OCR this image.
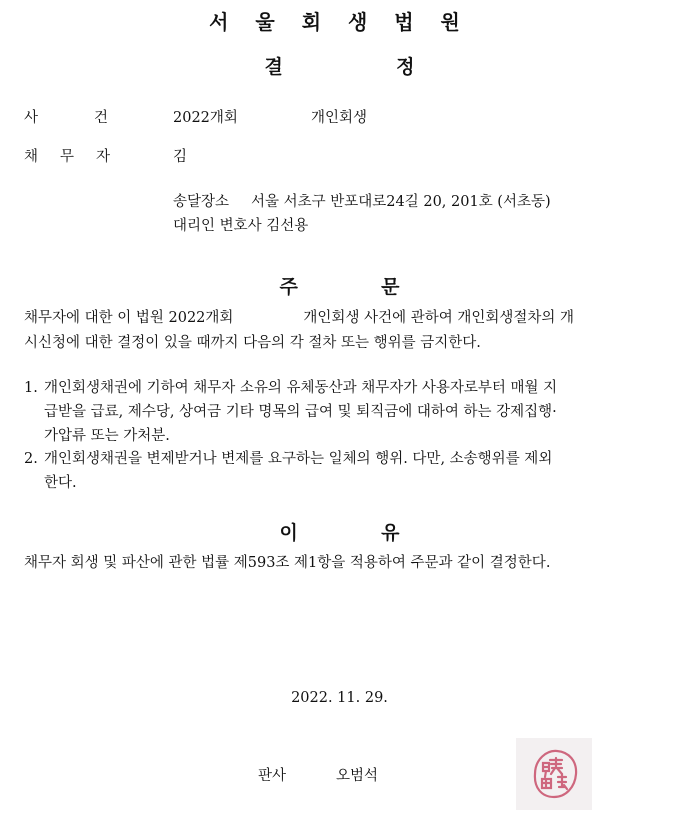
서 울 회 생 법 원
결	정
사	건	2022개회	개인회생
채 무 자	김
송달장소 서울 서초구 반포대로24길 20, 201호 (서초동)
대리인 변호사 김선용
주	문
채무자에 대한 이 법원 2022개회	개인회생 사건에 관하여 개인회생절차의 개
시신청에 대한 결정이 있을 때까지 다음의 각 절차 또는 행위를 금지한다.
1. 개인회생채권에 기하여 채무자 소유의 유체동산과 채무자가 사용자로부터 매월 지
급받을 급료, 제수당, 상여금 기타 명목의 급여 및 퇴직금에 대하여 하는 강제집행·
가압류 또는 가처분.
2. 개인회생채권을 변제받거나 변제를 요구하는 일체의 행위. 다만, 소송행위를 제외
한다.
이	유
채무자 회생 및 파산에 관한 법률 제593조 제1항을 적용하여 주문과 같이 결정한다.
2022. 11. 29.
판사	오범석
